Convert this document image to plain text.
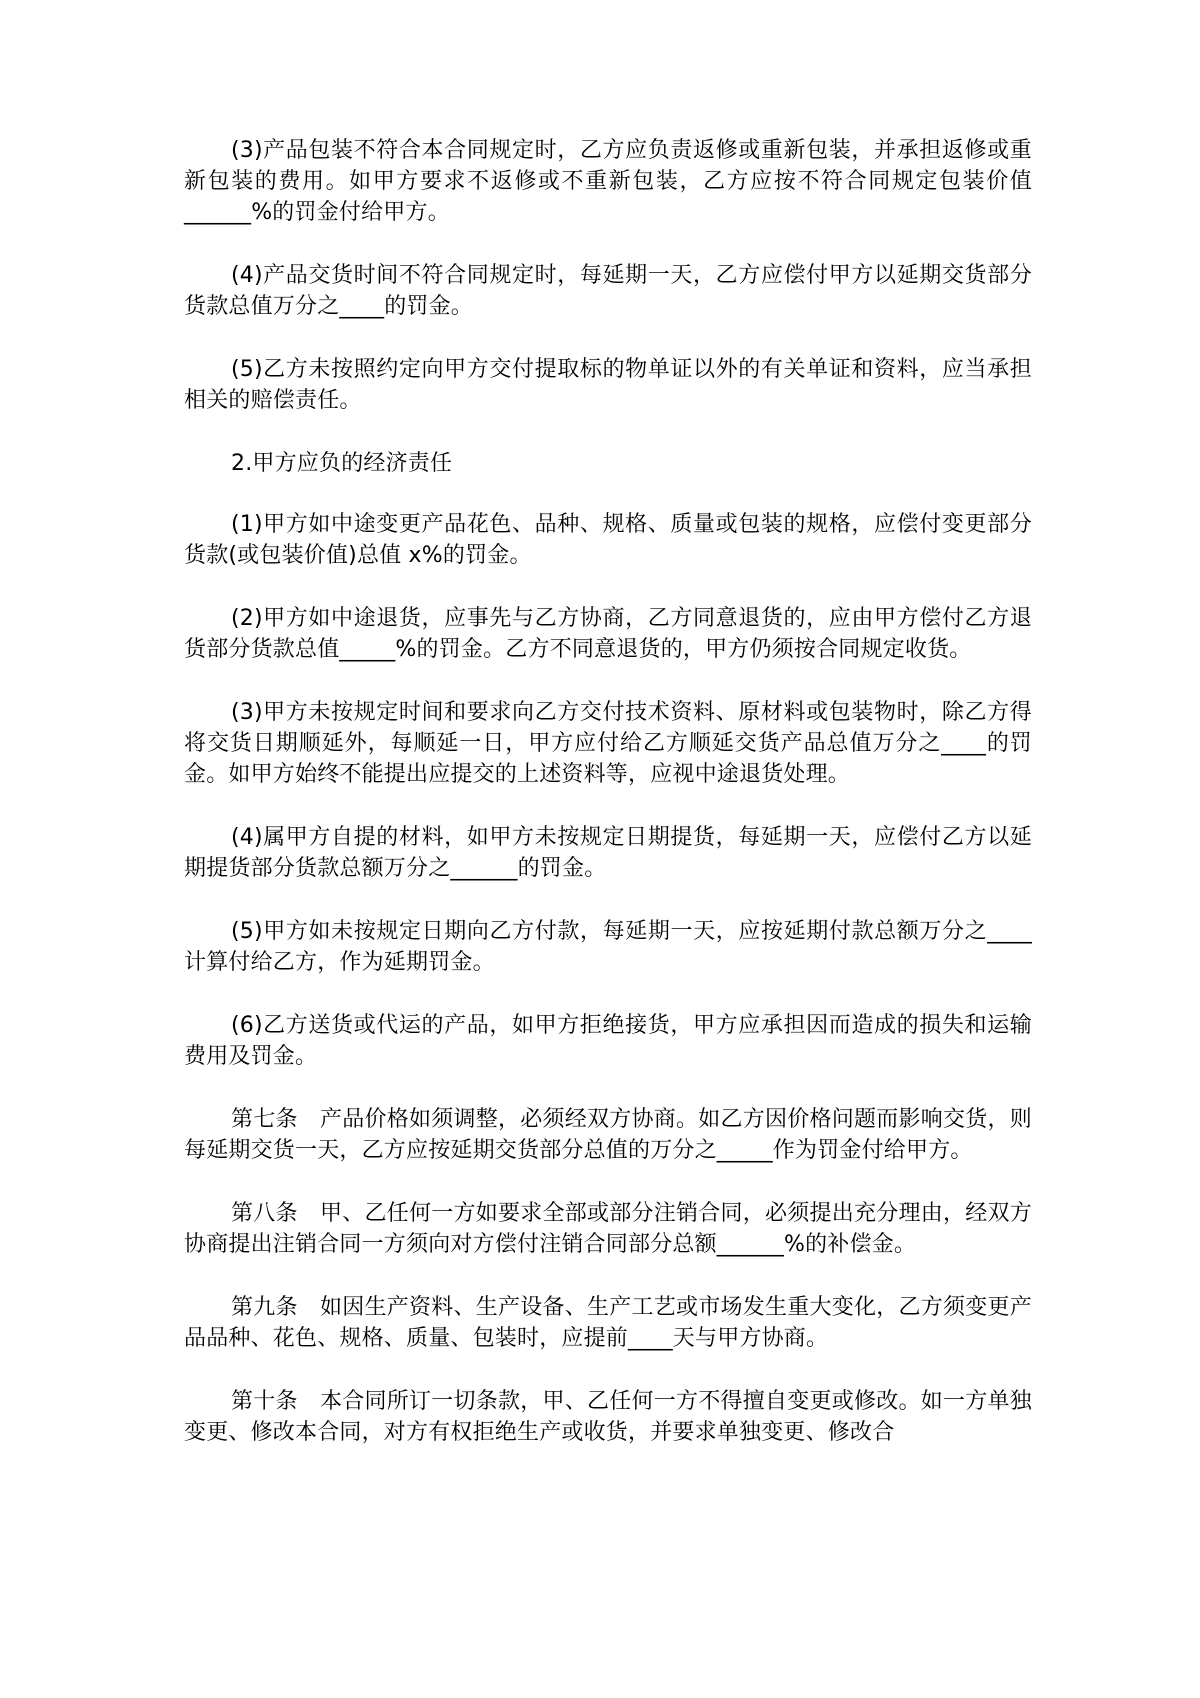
(3)产品包装不符合本合同规定时，乙方应负责返修或重新包装，并承担返修或重新包装的费用。如甲方要求不返修或不重新包装，乙方应按不符合同规定包装价值______%的罚金付给甲方。

(4)产品交货时间不符合同规定时，每延期一天，乙方应偿付甲方以延期交货部分货款总值万分之____的罚金。

(5)乙方未按照约定向甲方交付提取标的物单证以外的有关单证和资料，应当承担相关的赔偿责任。

2.甲方应负的经济责任

(1)甲方如中途变更产品花色、品种、规格、质量或包装的规格，应偿付变更部分货款(或包装价值)总值 x%的罚金。

(2)甲方如中途退货，应事先与乙方协商，乙方同意退货的，应由甲方偿付乙方退货部分货款总值_____%的罚金。乙方不同意退货的，甲方仍须按合同规定收货。

(3)甲方未按规定时间和要求向乙方交付技术资料、原材料或包装物时，除乙方得将交货日期顺延外，每顺延一日，甲方应付给乙方顺延交货产品总值万分之____的罚金。如甲方始终不能提出应提交的上述资料等，应视中途退货处理。

(4)属甲方自提的材料，如甲方未按规定日期提货，每延期一天，应偿付乙方以延期提货部分货款总额万分之______的罚金。

(5)甲方如未按规定日期向乙方付款，每延期一天，应按延期付款总额万分之____计算付给乙方，作为延期罚金。

(6)乙方送货或代运的产品，如甲方拒绝接货，甲方应承担因而造成的损失和运输费用及罚金。

第七条　产品价格如须调整，必须经双方协商。如乙方因价格问题而影响交货，则每延期交货一天，乙方应按延期交货部分总值的万分之_____作为罚金付给甲方。

第八条　甲、乙任何一方如要求全部或部分注销合同，必须提出充分理由，经双方协商提出注销合同一方须向对方偿付注销合同部分总额______%的补偿金。

第九条　如因生产资料、生产设备、生产工艺或市场发生重大变化，乙方须变更产品品种、花色、规格、质量、包装时，应提前____天与甲方协商。

第十条　本合同所订一切条款，甲、乙任何一方不得擅自变更或修改。如一方单独变更、修改本合同，对方有权拒绝生产或收货，并要求单独变更、修改合
